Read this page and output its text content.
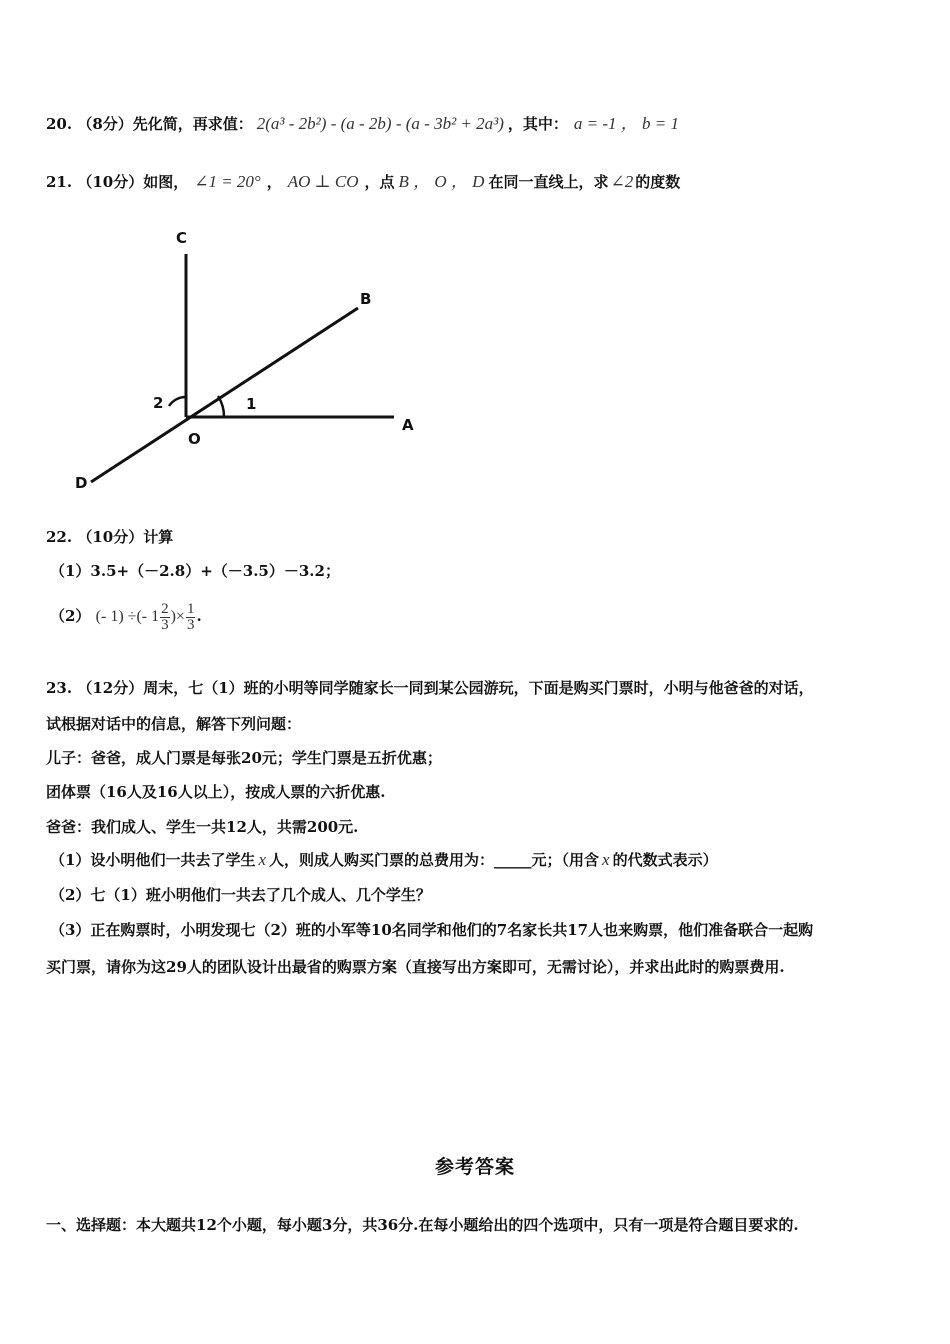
20. （8分）先化简，再求值： 2(a³ - 2b²) - (a - 2b) - (a - 3b² + 2a³) ，其中： a = -1 ， b = 1
21. （10分）如图， ∠1 = 20° ， AO ⊥ CO ，点 B ， O ， D 在同一直线上，求 ∠2 的度数
C
B
A
O
D
1
2
22. （10分）计算
（1）3.5+（－2.8）+（－3.5）－3.2；
（2） (- 1) ÷(- $1 \frac{2}{3}$ )× $\frac{1}{3}$ .
23. （12分）周末，七（1）班的小明等同学随家长一同到某公园游玩，下面是购买门票时，小明与他爸爸的对话，
试根据对话中的信息，解答下列问题：
儿子：爸爸，成人门票是每张20元；学生门票是五折优惠；
团体票（16人及16人以上），按成人票的六折优惠.
爸爸：我们成人、学生一共12人，共需200元.
（1）设小明他们一共去了学生 x 人，则成人购买门票的总费用为：_____元；（用含 x 的代数式表示）
（2）七（1）班小明他们一共去了几个成人、几个学生？
（3）正在购票时，小明发现七（2）班的小军等10名同学和他们的7名家长共17人也来购票，他们准备联合一起购
买门票，请你为这29人的团队设计出最省的购票方案（直接写出方案即可，无需讨论），并求出此时的购票费用.
参考答案
一、选择题：本大题共12个小题，每小题3分，共36分.在每小题给出的四个选项中，只有一项是符合题目要求的.
